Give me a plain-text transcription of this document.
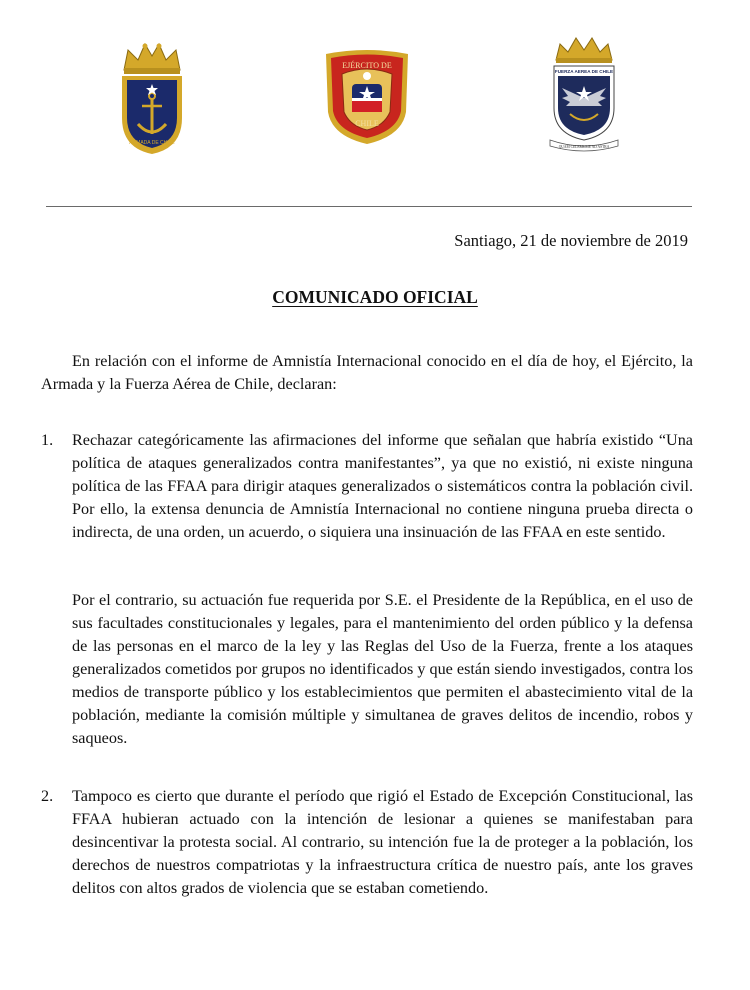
ARMADA DE CHILE
EJÉRCITO DE
CHILE
FUERZA AEREA DE CHILE
QUAM CELERRIME AD ASTRA
Santiago, 21 de noviembre de 2019
COMUNICADO OFICIAL

En relación con el informe de Amnistía Internacional conocido en el día de hoy, el Ejército, la Armada y la Fuerza Aérea de Chile, declaran:

1. Rechazar categóricamente las afirmaciones del informe que señalan que habría existido “Una política de ataques generalizados contra manifestantes”, ya que no existió, ni existe ninguna política de las FFAA para dirigir ataques generalizados o sistemáticos contra la población civil. Por ello, la extensa denuncia de Amnistía Internacional no contiene ninguna prueba directa o indirecta, de una orden, un acuerdo, o siquiera una insinuación de las FFAA en este sentido.

Por el contrario, su actuación fue requerida por S.E. el Presidente de la República, en el uso de sus facultades constitucionales y legales, para el mantenimiento del orden público y la defensa de las personas en el marco de la ley y las Reglas del Uso de la Fuerza, frente a los ataques generalizados cometidos por grupos no identificados y que están siendo investigados, contra los medios de transporte público y los establecimientos que permiten el abastecimiento vital de la población, mediante la comisión múltiple y simultanea de graves delitos de incendio, robos y saqueos.

2. Tampoco es cierto que durante el período que rigió el Estado de Excepción Constitucional, las FFAA hubieran actuado con la intención de lesionar a quienes se manifestaban para desincentivar la protesta social. Al contrario, su intención fue la de proteger a la población, los derechos de nuestros compatriotas y la infraestructura crítica de nuestro país, ante los graves delitos con altos grados de violencia que se estaban cometiendo.
